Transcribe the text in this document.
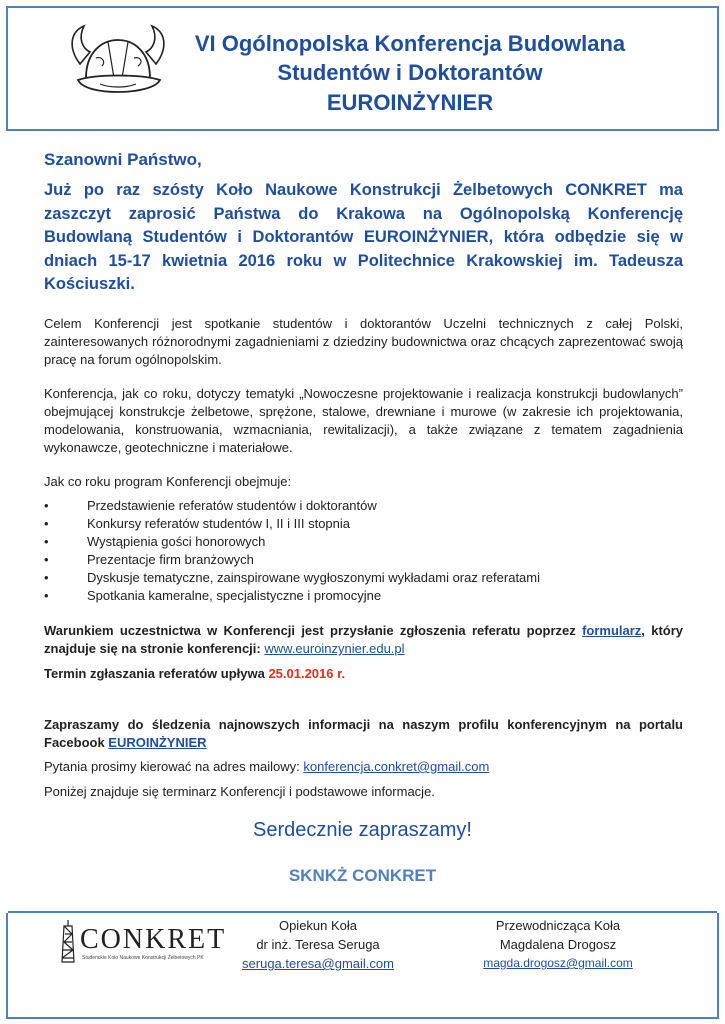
VI Ogólnopolska Konferencja Budowlana
Studentów i Doktorantów
EUROINŻYNIER
Szanowni Państwo,
Już po raz szósty Koło Naukowe Konstrukcji Żelbetowych CONKRET ma zaszczyt zaprosić Państwa do Krakowa na Ogólnopolską Konferencję Budowlaną Studentów i Doktorantów EUROINŻYNIER, która odbędzie się w dniach 15-17 kwietnia 2016 roku w Politechnice Krakowskiej im. Tadeusza Kościuszki.
Celem Konferencji jest spotkanie studentów i doktorantów Uczelni technicznych z całej Polski, zainteresowanych różnorodnymi zagadnieniami z dziedziny budownictwa oraz chcących zaprezentować swoją pracę na forum ogólnopolskim.
Konferencja, jak co roku, dotyczy tematyki „Nowoczesne projektowanie i realizacja konstrukcji budowlanych” obejmującej konstrukcje żelbetowe, sprężone, stalowe, drewniane i murowe (w zakresie ich projektowania, modelowania, konstruowania, wzmacniania, rewitalizacji), a także związane z tematem zagadnienia wykonawcze, geotechniczne i materiałowe.
Jak co roku program Konferencji obejmuje:
• Przedstawienie referatów studentów i doktorantów
• Konkursy referatów studentów I, II i III stopnia
• Wystąpienia gości honorowych
• Prezentacje firm branżowych
• Dyskusje tematyczne, zainspirowane wygłoszonymi wykładami oraz referatami
• Spotkania kameralne, specjalistyczne i promocyjne
Warunkiem uczestnictwa w Konferencji jest przysłanie zgłoszenia referatu poprzez formularz, który znajduje się na stronie konferencji: www.euroinzynier.edu.pl
Termin zgłaszania referatów upływa 25.01.2016 r.
Zapraszamy do śledzenia najnowszych informacji na naszym profilu konferencyjnym na portalu Facebook EUROINŻYNIER
Pytania prosimy kierować na adres mailowy: konferencja.conkret@gmail.com
Poniżej znajduje się terminarz Konferencji i podstawowe informacje.
Serdecznie zapraszamy!
SKNKŻ CONKRET
CONKRET
Studenckie Koło Naukowe Konstrukcji Żelbetowych PK
Opiekun Koła
dr inż. Teresa Seruga
seruga.teresa@gmail.com
Przewodnicząca Koła
Magdalena Drogosz
magda.drogosz@gmail.com
